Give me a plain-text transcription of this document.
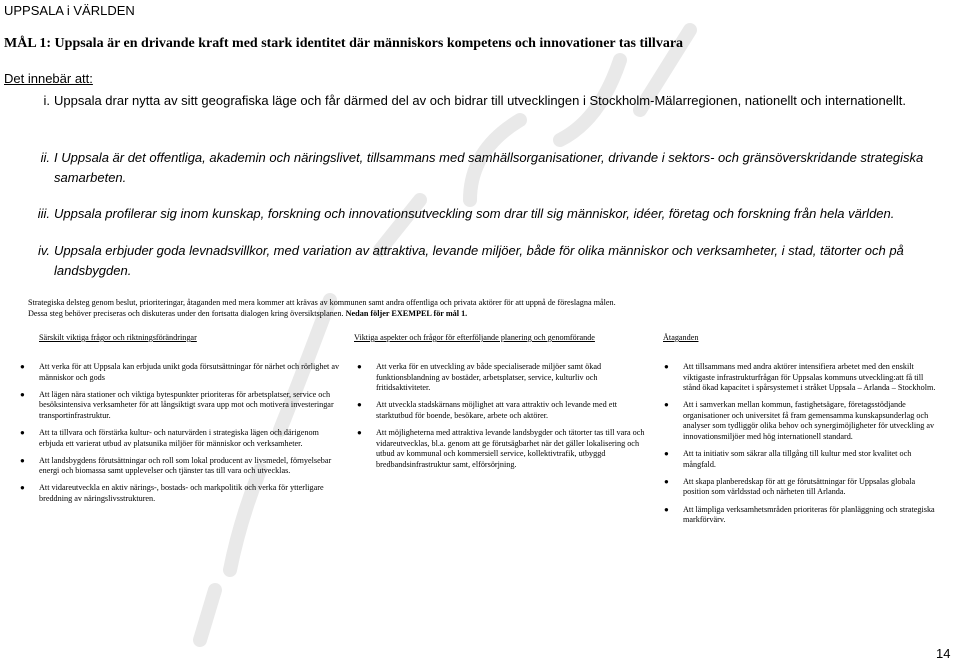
UPPSALA i VÄRLDEN
MÅL 1: Uppsala är en drivande kraft med stark identitet där människors kompetens och innovationer tas tillvara
Det innebär att:
i. Uppsala drar nytta av sitt geografiska läge och får därmed del av och bidrar till utvecklingen i Stockholm-Mälarregionen, nationellt och internationellt.
ii. I Uppsala är det offentliga, akademin och näringslivet, tillsammans med samhällsorganisationer, drivande i sektors- och gränsöverskridande strategiska samarbeten.
iii. Uppsala profilerar sig inom kunskap, forskning och innovationsutveckling som drar till sig människor, idéer, företag och forskning från hela världen.
iv. Uppsala erbjuder goda levnadsvillkor, med variation av attraktiva, levande miljöer, både för olika människor och verksamheter, i stad, tätorter och på landsbygden.
Strategiska delsteg genom beslut, prioriteringar, åtaganden med mera kommer att krävas av kommunen samt andra offentliga och privata aktörer för att uppnå de föreslagna målen.
Dessa steg behöver preciseras och diskuteras under den fortsatta dialogen kring översiktsplanen. Nedan följer EXEMPEL för mål 1.
Särskilt viktiga frågor och riktningsförändringar	Viktiga aspekter och frågor för efterföljande planering och genomförande	Åtaganden
● Att verka för att Uppsala kan erbjuda unikt goda försutsättningar för närhet och rörlighet av människor och gods
● Att lägen nära stationer och viktiga bytespunkter prioriteras för arbetsplatser, service och besöksintensiva verksamheter för att långsiktigt svara upp mot och motivera investeringar transportinfrastruktur.
● Att ta tillvara och förstärka kultur- och naturvärden i strategiska lägen och därigenom erbjuda ett varierat utbud av platsunika miljöer för människor och verksamheter.
● Att landsbygdens förutsättningar och roll som lokal producent av livsmedel, förnyelsebar energi och biomassa samt upplevelser och tjänster tas till vara och utvecklas.
● Att vidareutveckla en aktiv närings-, bostads- och markpolitik och verka för ytterligare breddning av näringslivsstrukturen.
● Att verka för en utveckling av både specialiserade miljöer samt ökad funktionsblandning av bostäder, arbetsplatser, service, kulturliv och fritidsaktiviteter.
● Att utveckla stadskärnans möjlighet att vara attraktiv och levande med ett starktutbud för boende, besökare, arbete och aktörer.
● Att möjligheterna med attraktiva levande landsbygder och tätorter tas till vara och vidareutvecklas, bl.a. genom att ge förutsägbarhet när det gäller lokalisering och utbud av kommunal och kommersiell service, kollektivtrafik, utbyggd bredbandsinfrastruktur samt, elförsörjning.
● Att tillsammans med andra aktörer intensifiera arbetet med den enskilt viktigaste infrastrukturfrågan för Uppsalas kommuns utveckling:att få till stånd ökad kapacitet i spårsystemet i stråket Uppsala – Arlanda – Stockholm.
● Att i samverkan mellan kommun, fastighetsägare, företagsstödjande organisationer och universitet få fram gemensamma kunskapsunderlag och analyser som tydliggör olika behov och synergimöjligheter för utveckling av innovationsmiljöer med hög internationell standard.
● Att ta initiativ som säkrar alla tillgång till kultur med stor kvalitet och mångfald.
● Att skapa planberedskap för att ge förutsättningar för Uppsalas globala position som världsstad och närheten till Arlanda.
● Att lämpliga verksamhetsmråden prioriteras för planläggning och strategiska markförvärv.
14
